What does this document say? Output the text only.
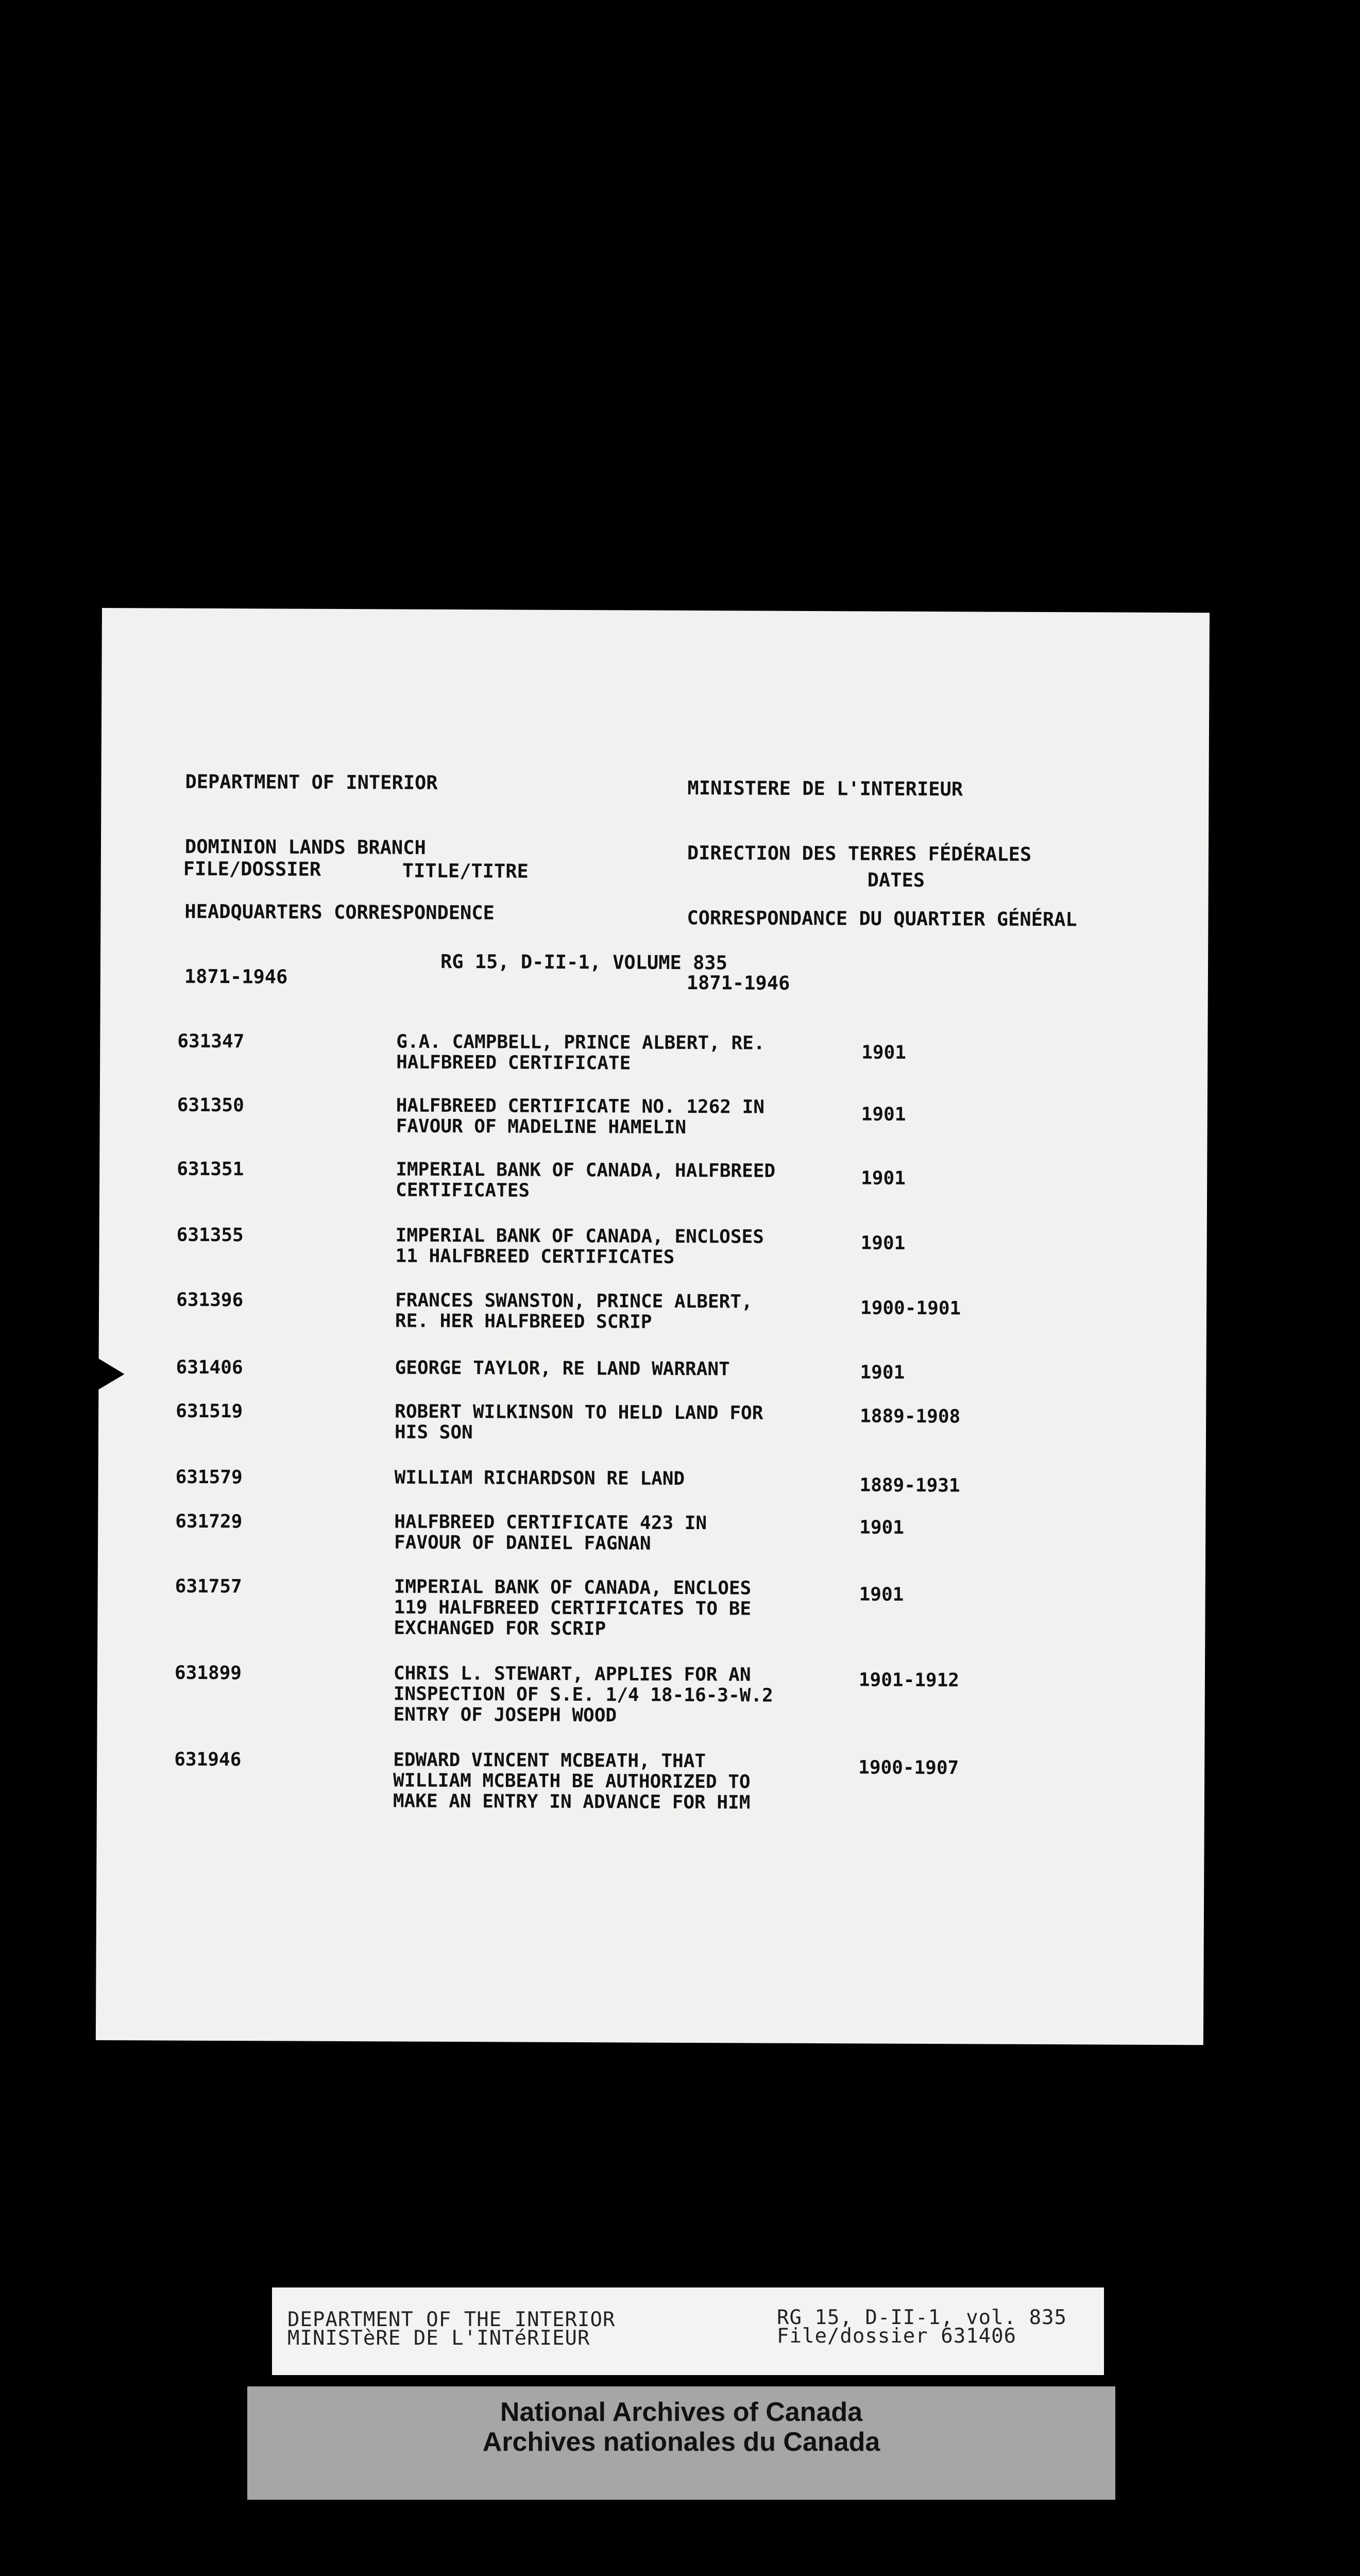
DEPARTMENT OF INTERIOR

DOMINION LANDS BRANCH

HEADQUARTERS CORRESPONDENCE

1871-1946

MINISTERE DE L'INTERIEUR

DIRECTION DES TERRES FÉDÉRALES

CORRESPONDANCE DU QUARTIER GÉNÉRAL

1871-1946

FILE/DOSSIER	TITLE/TITRE	DATES
RG 15, D-II-1, VOLUME 835
631347	G.A. CAMPBELL, PRINCE ALBERT, RE.
HALFBREED CERTIFICATE	1901
631350	HALFBREED CERTIFICATE NO. 1262 IN
FAVOUR OF MADELINE HAMELIN
1901
631351	IMPERIAL BANK OF CANADA, HALFBREED
CERTIFICATES
1901
631355	IMPERIAL BANK OF CANADA, ENCLOSES
11 HALFBREED CERTIFICATES
1901
631396	FRANCES SWANSTON, PRINCE ALBERT,
RE. HER HALFBREED SCRIP
1900-1901
631406	GEORGE TAYLOR, RE LAND WARRANT	1901
631519	ROBERT WILKINSON TO HELD LAND FOR
HIS SON
1889-1908
631579	WILLIAM RICHARDSON RE LAND	1889-1931
631729	HALFBREED CERTIFICATE 423 IN
FAVOUR OF DANIEL FAGNAN
1901
631757	IMPERIAL BANK OF CANADA, ENCLOES
119 HALFBREED CERTIFICATES TO BE
EXCHANGED FOR SCRIP
1901
631899	CHRIS L. STEWART, APPLIES FOR AN
INSPECTION OF S.E. 1/4 18-16-3-W.2
ENTRY OF JOSEPH WOOD
1901-1912
631946	EDWARD VINCENT MCBEATH, THAT
WILLIAM MCBEATH BE AUTHORIZED TO
MAKE AN ENTRY IN ADVANCE FOR HIM
1900-1907
DEPARTMENT OF THE INTERIOR
MINISTèRE DE L'INTéRIEUR
RG 15, D-II-1, vol. 835
File/dossier 631406
National Archives of Canada
Archives nationales du Canada
